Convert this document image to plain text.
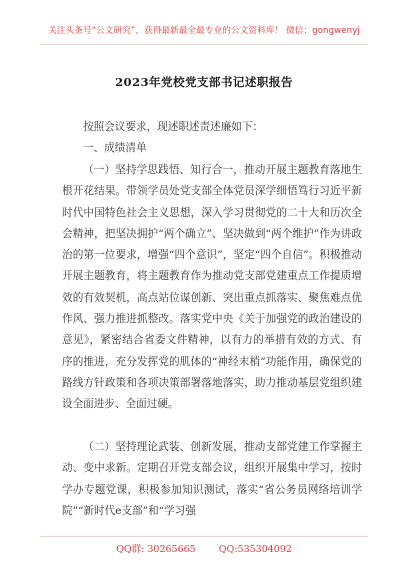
关注头条号“公文研究”，获得最新最全最专业的公文资料库！ 微信：gongwenyj
2023年党校党支部书记述职报告
按照会议要求，现述职述责述廉如下：
一、成绩清单
（一）坚持学思践悟、知行合一，推动开展主题教育落地生根开花结果。带领学员处党支部全体党员深学细悟笃行习近平新时代中国特色社会主义思想，深入学习贯彻党的二十大和历次全会精神，把坚决拥护“两个确立”、坚决做到“两个维护”作为讲政治的第一位要求，增强“四个意识”，坚定“四个自信”。积极推动开展主题教育，将主题教育作为推动党支部党建重点工作提质增效的有效契机，高点站位谋创新、突出重点抓落实、聚焦难点优作风、强力推进抓整改。落实党中央《关于加强党的政治建设的意见》，紧密结合省委文件精神，以有力的举措有效的方式、有序的推进，充分发挥党的肌体的“神经末梢”功能作用，确保党的路线方针政策和各项决策部署落地落实，助力推动基层党组织建设全面进步、全面过硬。
（二）坚持理论武装、创新发展，推动支部党建工作掌握主动、变中求新。定期召开党支部会议，组织开展集中学习，按时学办专题党课，积极参加知识测试，落实“省公务员网络培训学院”“新时代e支部”和“学习强
QQ群: 30265665 QQ:535304092
